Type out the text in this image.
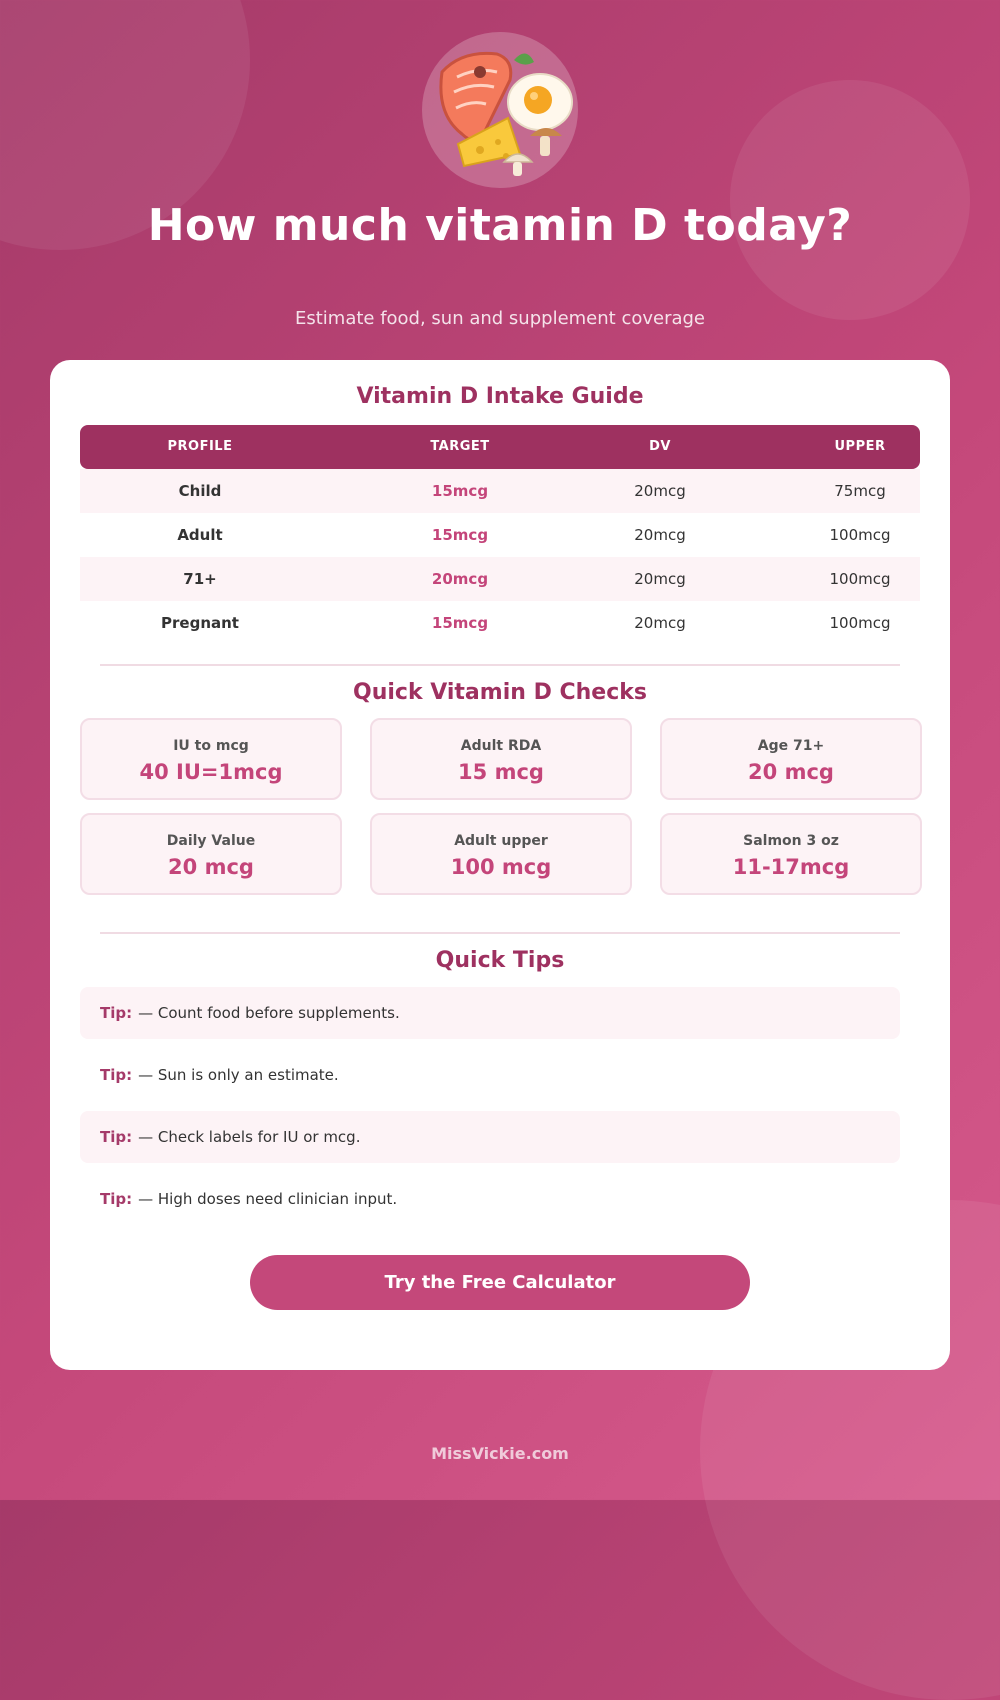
How much vitamin D today?

Estimate food, sun and supplement coverage

Vitamin D Intake Guide
PROFILE	TARGET	DV	UPPER
Child	15mcg	20mcg	75mcg
Adult	15mcg	20mcg	100mcg
71+	20mcg	20mcg	100mcg
Pregnant	15mcg	20mcg	100mcg
Quick Vitamin D Checks
IU to mcg
40 IU=1mcg
Adult RDA
15 mcg
Age 71+
20 mcg
Daily Value
20 mcg
Adult upper
100 mcg
Salmon 3 oz
11-17mcg
Quick Tips
Tip: — Count food before supplements.
Tip: — Sun is only an estimate.
Tip: — Check labels for IU or mcg.
Tip: — High doses need clinician input.
Try the Free Calculator
MissVickie.com
